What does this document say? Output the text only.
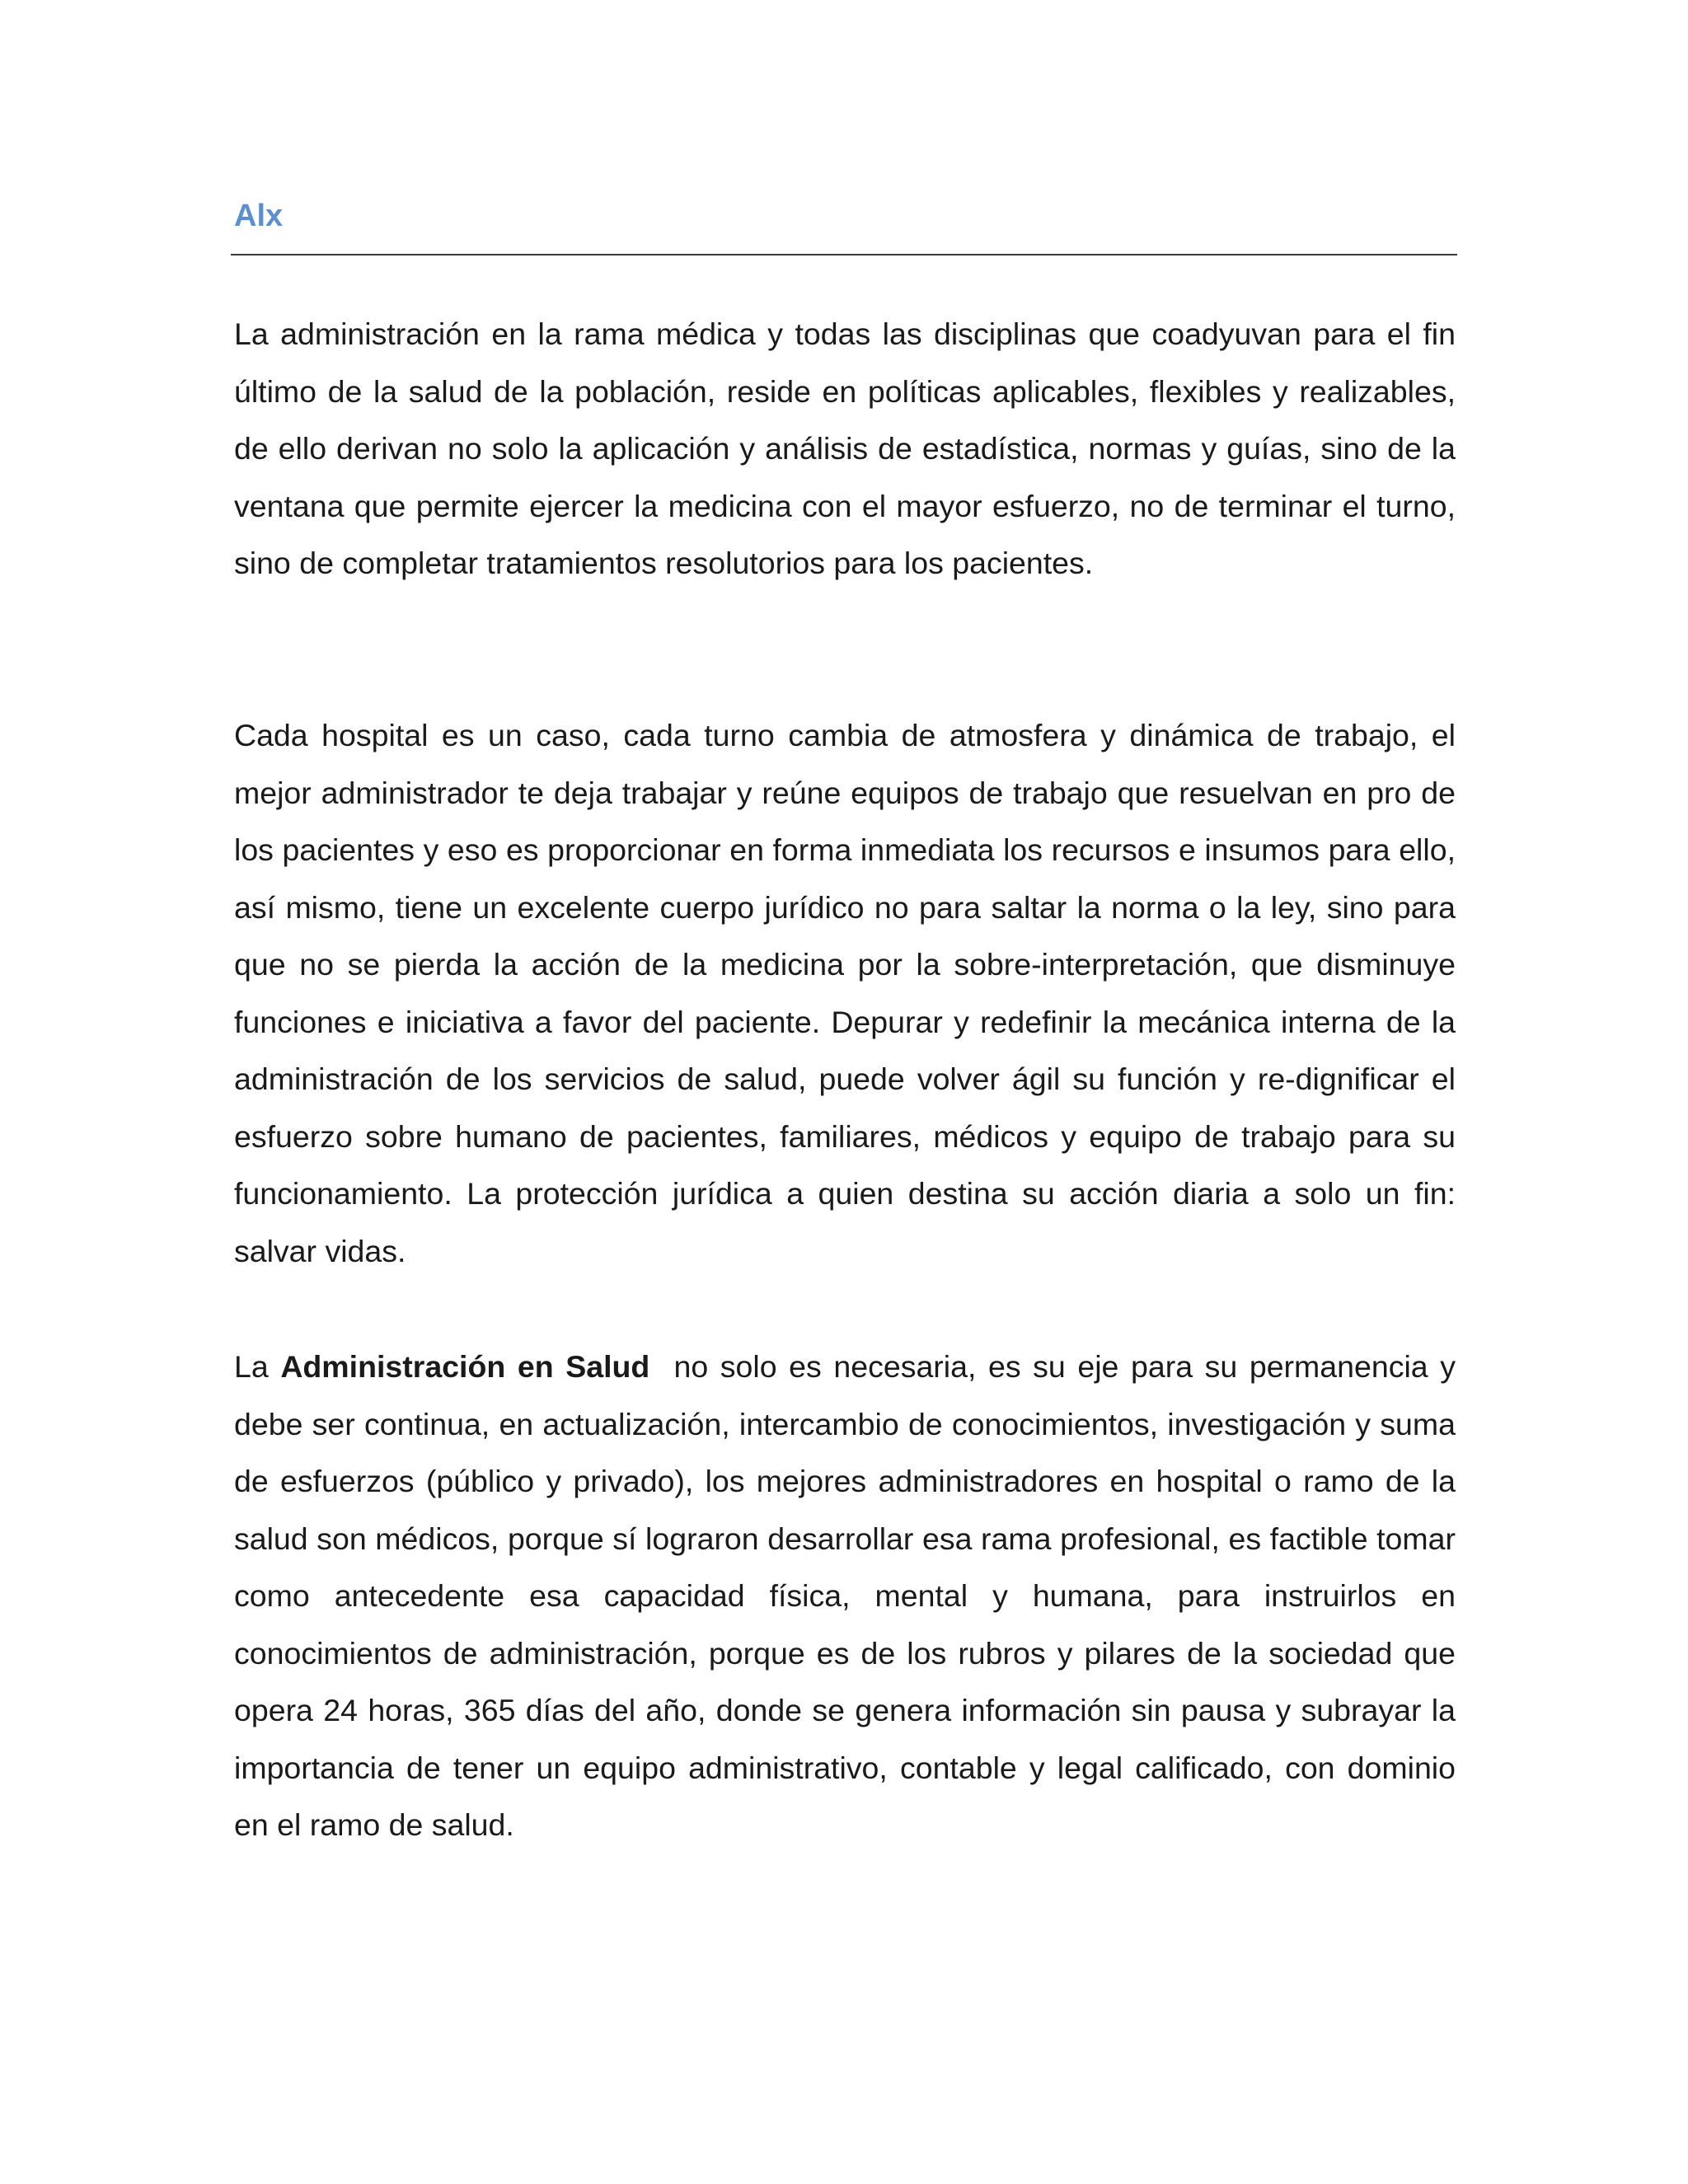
Alx

La administración en la rama médica y todas las disciplinas que coadyuvan para el fin último de la salud de la población, reside en políticas aplicables, flexibles y realizables, de ello derivan no solo la aplicación y análisis de estadística, normas y guías, sino de la ventana que permite ejercer la medicina con el mayor esfuerzo, no de terminar el turno, sino de completar tratamientos resolutorios para los pacientes.

Cada hospital es un caso, cada turno cambia de atmosfera y dinámica de trabajo, el mejor administrador te deja trabajar y reúne equipos de trabajo que resuelvan en pro de los pacientes y eso es proporcionar en forma inmediata los recursos e insumos para ello, así mismo, tiene un excelente cuerpo jurídico no para saltar la norma o la ley, sino para que no se pierda la acción de la medicina por la sobre-interpretación, que disminuye funciones e iniciativa a favor del paciente. Depurar y redefinir la mecánica interna de la administración de los servicios de salud, puede volver ágil su función y re-dignificar el esfuerzo sobre humano de pacientes, familiares, médicos y equipo de trabajo para su funcionamiento. La protección jurídica a quien destina su acción diaria a solo un fin: salvar vidas.

La Administración en Salud  no solo es necesaria, es su eje para su permanencia y debe ser continua, en actualización, intercambio de conocimientos, investigación y suma de esfuerzos (público y privado), los mejores administradores en hospital o ramo de la salud son médicos, porque sí lograron desarrollar esa rama profesional, es factible tomar como antecedente esa capacidad física, mental y humana, para instruirlos en conocimientos de administración, porque es de los rubros y pilares de la sociedad que opera 24 horas, 365 días del año, donde se genera información sin pausa y subrayar la importancia de tener un equipo administrativo, contable y legal calificado, con dominio en el ramo de salud.
